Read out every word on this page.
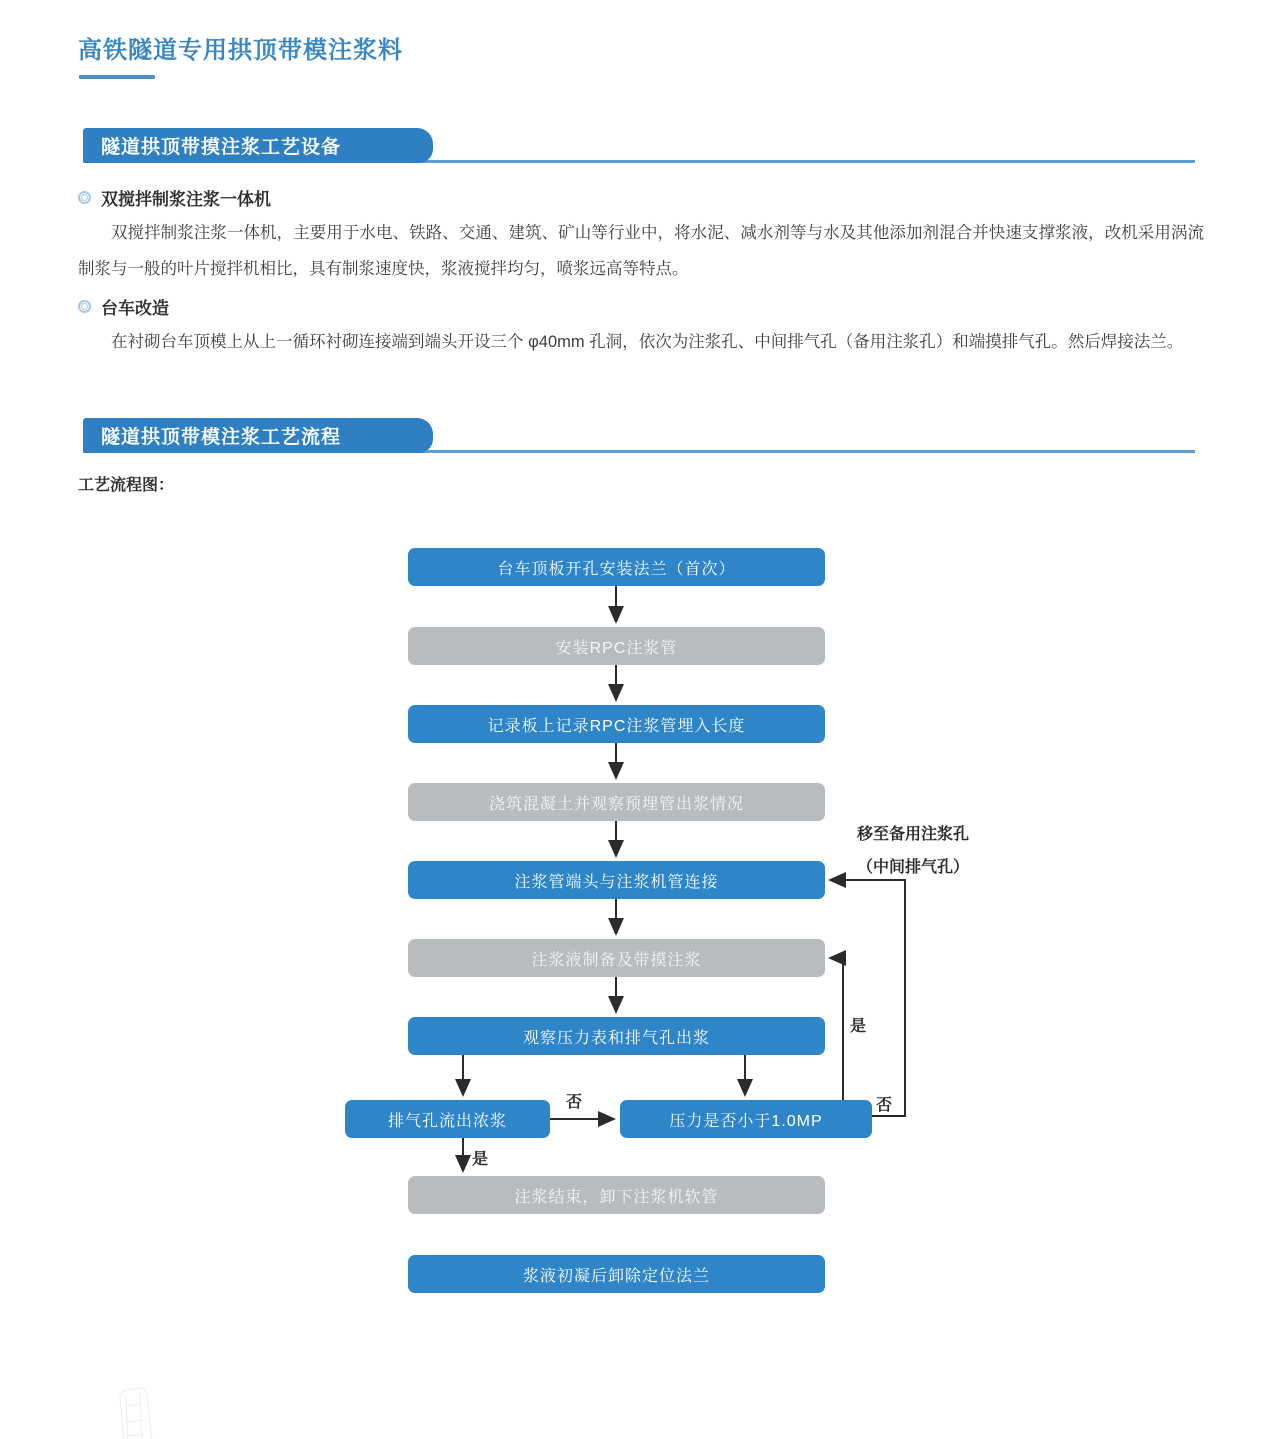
高铁隧道专用拱顶带模注浆料
隧道拱顶带摸注浆工艺设备
双搅拌制浆注浆一体机

双搅拌制浆注浆一体机，主要用于水电、铁路、交通、建筑、矿山等行业中，将水泥、减水剂等与水及其他添加剂混合并快速支撑浆液，改机采用涡流制浆与一般的叶片搅拌机相比，具有制浆速度快，浆液搅拌均匀，喷浆远高等特点。

台车改造

在衬砌台车顶模上从上一循环衬砌连接端到端头开设三个 φ40mm 孔洞，依次为注浆孔、中间排气孔（备用注浆孔）和端摸排气孔。然后焊接法兰。

隧道拱顶带模注浆工艺流程
工艺流程图：
台车顶板开孔安装法兰（首次）
安装RPC注浆管
记录板上记录RPC注浆管埋入长度
浇筑混凝土并观察预埋管出浆情况
注浆管端头与注浆机管连接
注浆液制备及带摸注浆
观察压力表和排气孔出浆
排气孔流出浓浆	压力是否小于1.0MP
注浆结束，卸下注浆机软管
浆液初凝后卸除定位法兰
否
是
否
是
移至备用注浆孔
（中间排气孔）
